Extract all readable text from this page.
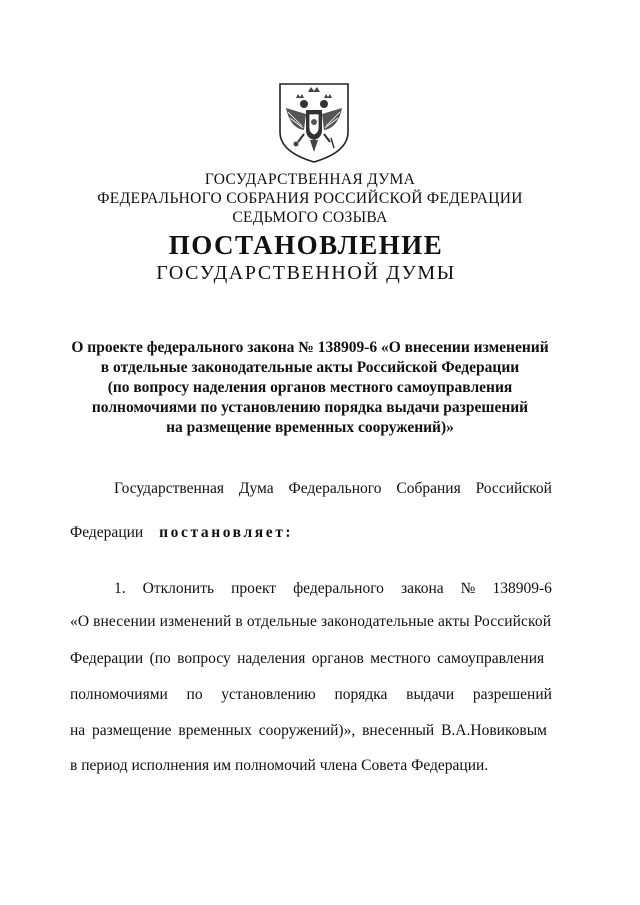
ГОСУДАРСТВЕННАЯ ДУМА
ФЕДЕРАЛЬНОГО СОБРАНИЯ РОССИЙСКОЙ ФЕДЕРАЦИИ
СЕДЬМОГО СОЗЫВА
ПОСТАНОВЛЕНИЕ
ГОСУДАРСТВЕННОЙ ДУМЫ
О проекте федерального закона № 138909-6 «О внесении изменений
в отдельные законодательные акты Российской Федерации
(по вопросу наделения органов местного самоуправления
полномочиями по установлению порядка выдачи разрешений
на размещение временных сооружений)»
Государственная Дума Федерального Собрания Российской
Федерации постановляет:
1. Отклонить проект федерального закона № 138909-6
«О внесении изменений в отдельные законодательные акты Российской
Федерации (по вопросу наделения органов местного самоуправления
полномочиями по установлению порядка выдачи разрешений
на размещение временных сооружений)», внесенный В.А.Новиковым
в период исполнения им полномочий члена Совета Федерации.
